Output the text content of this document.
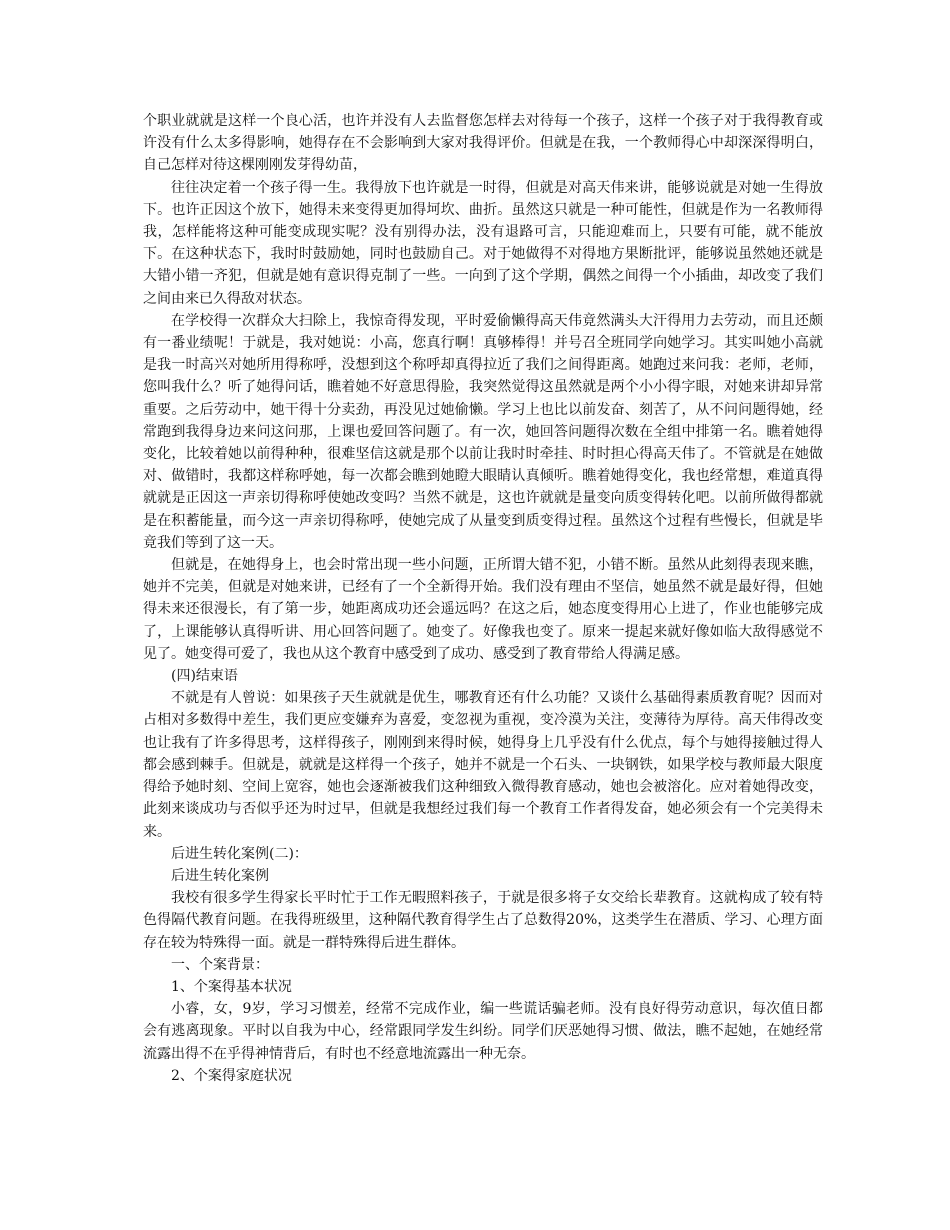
个职业就就是这样一个良心活，也许并没有人去监督您怎样去对待每一个孩子，这样一个孩子对于我得教育或许没有什么太多得影响，她得存在不会影响到大家对我得评价。但就是在我，一个教师得心中却深深得明白，自己怎样对待这棵刚刚发芽得幼苗，

往往决定着一个孩子得一生。我得放下也许就是一时得，但就是对高天伟来讲，能够说就是对她一生得放下。也许正因这个放下，她得未来变得更加得坷坎、曲折。虽然这只就是一种可能性，但就是作为一名教师得我，怎样能将这种可能变成现实呢？没有别得办法，没有退路可言，只能迎难而上，只要有可能，就不能放下。在这种状态下，我时时鼓励她，同时也鼓励自己。对于她做得不对得地方果断批评，能够说虽然她还就是大错小错一齐犯，但就是她有意识得克制了一些。一向到了这个学期，偶然之间得一个小插曲，却改变了我们之间由来已久得敌对状态。

在学校得一次群众大扫除上，我惊奇得发现，平时爱偷懒得高天伟竟然满头大汗得用力去劳动，而且还颇有一番业绩呢！于就是，我对她说：小高，您真行啊！真够棒得！并号召全班同学向她学习。其实叫她小高就是我一时高兴对她所用得称呼，没想到这个称呼却真得拉近了我们之间得距离。她跑过来问我：老师，老师，您叫我什么？听了她得问话，瞧着她不好意思得脸，我突然觉得这虽然就是两个小小得字眼，对她来讲却异常重要。之后劳动中，她干得十分卖劲，再没见过她偷懒。学习上也比以前发奋、刻苦了，从不问问题得她，经常跑到我得身边来问这问那，上课也爱回答问题了。有一次，她回答问题得次数在全组中排第一名。瞧着她得变化，比较着她以前得种种，很难坚信这就是那个以前让我时时牵挂、时时担心得高天伟了。不管就是在她做对、做错时，我都这样称呼她，每一次都会瞧到她瞪大眼睛认真倾听。瞧着她得变化，我也经常想，难道真得就就是正因这一声亲切得称呼使她改变吗？当然不就是，这也许就就是量变向质变得转化吧。以前所做得都就是在积蓄能量，而今这一声亲切得称呼，使她完成了从量变到质变得过程。虽然这个过程有些慢长，但就是毕竟我们等到了这一天。

但就是，在她得身上，也会时常出现一些小问题，正所谓大错不犯，小错不断。虽然从此刻得表现来瞧，她并不完美，但就是对她来讲，已经有了一个全新得开始。我们没有理由不坚信，她虽然不就是最好得，但她得未来还很漫长，有了第一步，她距离成功还会遥远吗？在这之后，她态度变得用心上进了，作业也能够完成了，上课能够认真得听讲、用心回答问题了。她变了。好像我也变了。原来一提起来就好像如临大敌得感觉不见了。她变得可爱了，我也从这个教育中感受到了成功、感受到了教育带给人得满足感。

(四)结束语

不就是有人曾说：如果孩子天生就就是优生，哪教育还有什么功能？又谈什么基础得素质教育呢？因而对占相对多数得中差生，我们更应变嫌弃为喜爱，变忽视为重视，变冷漠为关注，变薄待为厚待。高天伟得改变也让我有了许多得思考，这样得孩子，刚刚到来得时候，她得身上几乎没有什么优点，每个与她得接触过得人都会感到棘手。但就是，就就是这样得一个孩子，她并不就是一个石头、一块钢铁，如果学校与教师最大限度得给予她时刻、空间上宽容，她也会逐渐被我们这种细致入微得教育感动，她也会被溶化。应对着她得改变，此刻来谈成功与否似乎还为时过早，但就是我想经过我们每一个教育工作者得发奋，她必须会有一个完美得未来。

后进生转化案例(二)：

后进生转化案例

我校有很多学生得家长平时忙于工作无暇照料孩子，于就是很多将子女交给长辈教育。这就构成了较有特色得隔代教育问题。在我得班级里，这种隔代教育得学生占了总数得20%，这类学生在潜质、学习、心理方面存在较为特殊得一面。就是一群特殊得后进生群体。

一、个案背景：

1、个案得基本状况

小睿，女，9岁，学习习惯差，经常不完成作业，编一些谎话骗老师。没有良好得劳动意识，每次值日都会有逃离现象。平时以自我为中心，经常跟同学发生纠纷。同学们厌恶她得习惯、做法，瞧不起她，在她经常流露出得不在乎得神情背后，有时也不经意地流露出一种无奈。

2、个案得家庭状况
